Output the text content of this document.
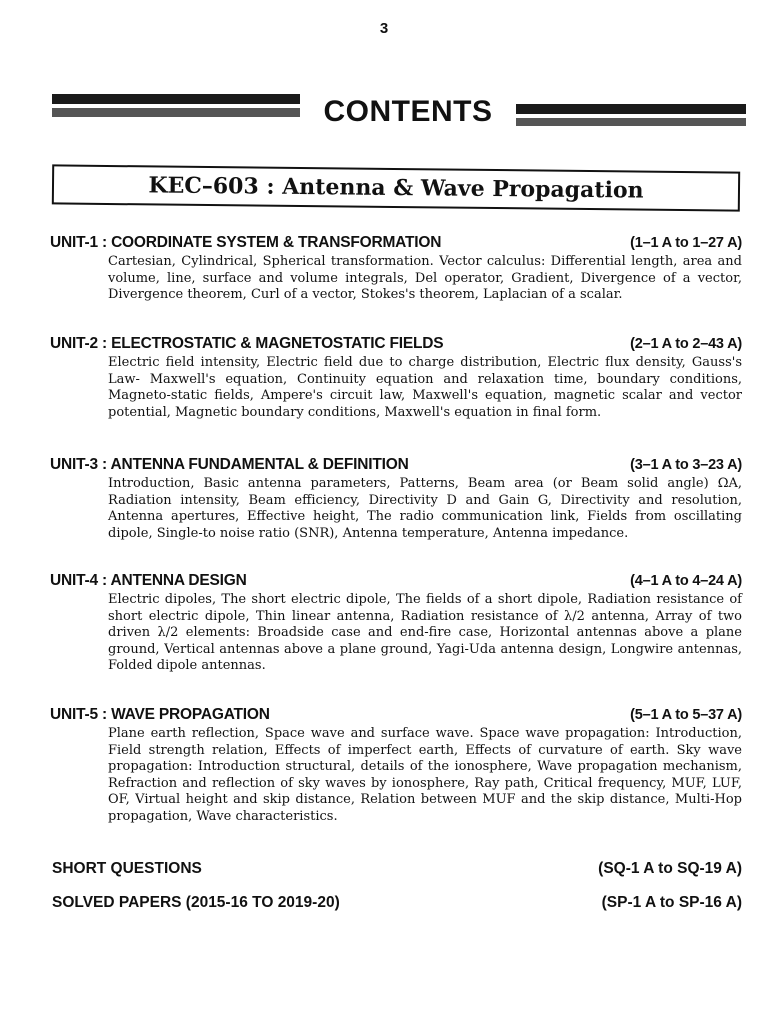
3
CONTENTS
KEC–603 : Antenna & Wave Propagation
UNIT-1 : COORDINATE SYSTEM & TRANSFORMATION	(1–1 A to 1–27 A)
Cartesian, Cylindrical, Spherical transformation. Vector calculus: Differential length, area and volume, line, surface and volume integrals, Del operator, Gradient, Divergence of a vector, Divergence theorem, Curl of a vector, Stokes's theorem, Laplacian of a scalar.
UNIT-2 : ELECTROSTATIC & MAGNETOSTATIC FIELDS	(2–1 A to 2–43 A)
Electric field intensity, Electric field due to charge distribution, Electric flux density, Gauss's Law- Maxwell's equation, Continuity equation and relaxation time, boundary conditions, Magneto-static fields, Ampere's circuit law, Maxwell's equation, magnetic scalar and vector potential, Magnetic boundary conditions, Maxwell's equation in final form.
UNIT-3 : ANTENNA FUNDAMENTAL & DEFINITION	(3–1 A to 3–23 A)
Introduction, Basic antenna parameters, Patterns, Beam area (or Beam solid angle) ΩA, Radiation intensity, Beam efficiency, Directivity D and Gain G, Directivity and resolution, Antenna apertures, Effective height, The radio communication link, Fields from oscillating dipole, Single-to noise ratio (SNR), Antenna temperature, Antenna impedance.
UNIT-4 : ANTENNA DESIGN	(4–1 A to 4–24 A)
Electric dipoles, The short electric dipole, The fields of a short dipole, Radiation resistance of short electric dipole, Thin linear antenna, Radiation resistance of λ/2 antenna, Array of two driven λ/2 elements: Broadside case and end-fire case, Horizontal antennas above a plane ground, Vertical antennas above a plane ground, Yagi-Uda antenna design, Longwire antennas, Folded dipole antennas.
UNIT-5 : WAVE PROPAGATION	(5–1 A to 5–37 A)
Plane earth reflection, Space wave and surface wave. Space wave propagation: Introduction, Field strength relation, Effects of imperfect earth, Effects of curvature of earth. Sky wave propagation: Introduction structural, details of the ionosphere, Wave propagation mechanism, Refraction and reflection of sky waves by ionosphere, Ray path, Critical frequency, MUF, LUF, OF, Virtual height and skip distance, Relation between MUF and the skip distance, Multi-Hop propagation, Wave characteristics.
SHORT QUESTIONS	(SQ-1 A to SQ-19 A)
SOLVED PAPERS (2015-16 TO 2019-20)	(SP-1 A to SP-16 A)
